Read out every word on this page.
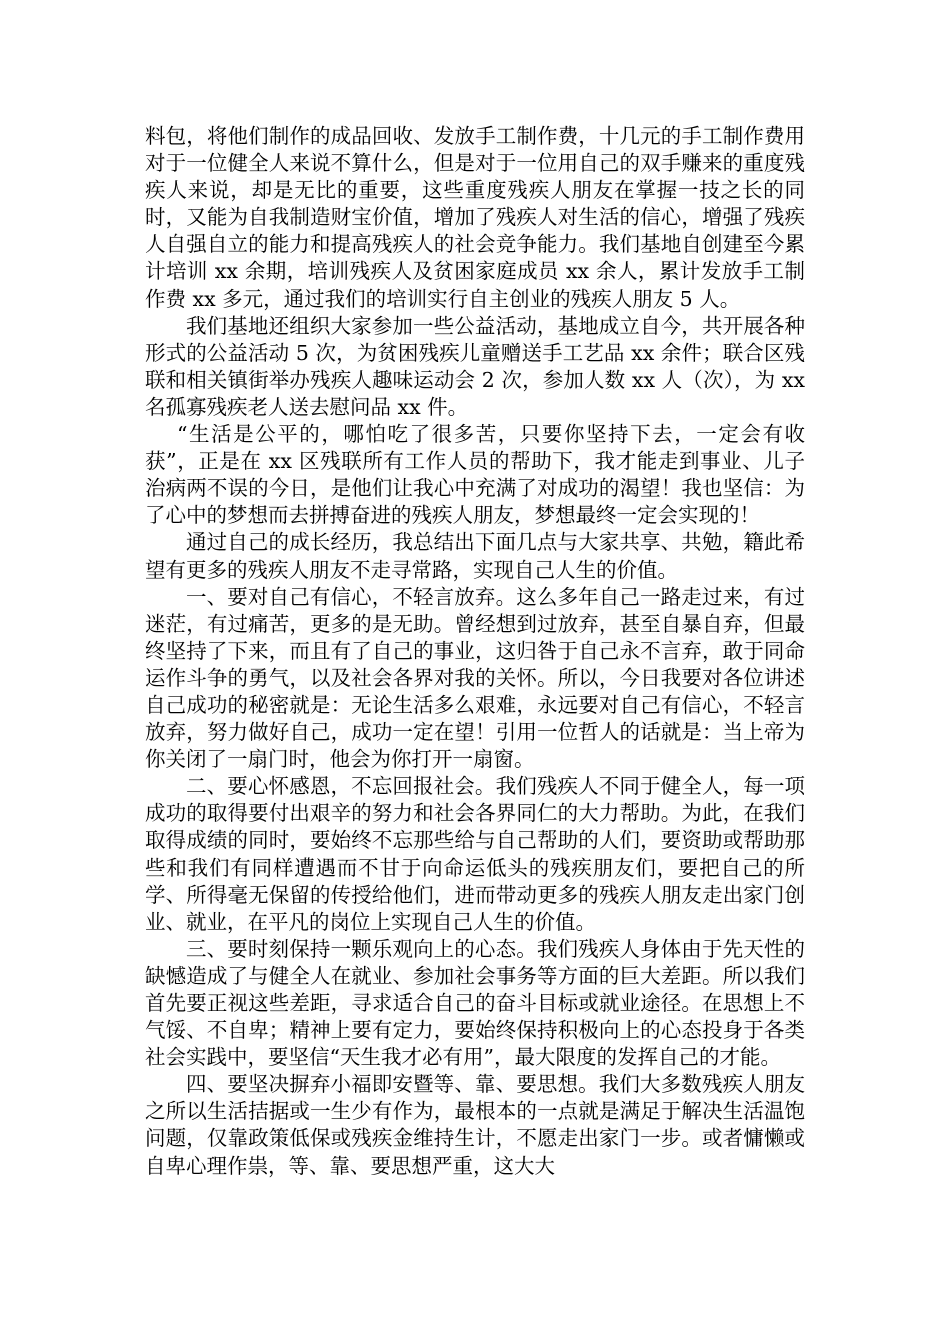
料包，将他们制作的成品回收、发放手工制作费，十几元的手工制作费用对于一位健全人来说不算什么，但是对于一位用自己的双手赚来的重度残疾人来说，却是无比的重要，这些重度残疾人朋友在掌握一技之长的同时，又能为自我制造财宝价值，增加了残疾人对生活的信心，增强了残疾人自强自立的能力和提高残疾人的社会竞争能力。我们基地自创建至今累计培训 xx 余期，培训残疾人及贫困家庭成员 xx 余人，累计发放手工制作费 xx 多元，通过我们的培训实行自主创业的残疾人朋友 5 人。

我们基地还组织大家参加一些公益活动，基地成立自今，共开展各种形式的公益活动 5 次，为贫困残疾儿童赠送手工艺品 xx 余件；联合区残联和相关镇街举办残疾人趣味运动会 2 次，参加人数 xx 人（次），为 xx 名孤寡残疾老人送去慰问品 xx 件。

“生活是公平的，哪怕吃了很多苦，只要你坚持下去，一定会有收获”，正是在 xx 区残联所有工作人员的帮助下，我才能走到事业、儿子治病两不误的今日，是他们让我心中充满了对成功的渴望！我也坚信：为了心中的梦想而去拼搏奋进的残疾人朋友，梦想最终一定会实现的！

通过自己的成长经历，我总结出下面几点与大家共享、共勉，籍此希望有更多的残疾人朋友不走寻常路，实现自己人生的价值。

一、要对自己有信心，不轻言放弃。这么多年自己一路走过来，有过迷茫，有过痛苦，更多的是无助。曾经想到过放弃，甚至自暴自弃，但最终坚持了下来，而且有了自己的事业，这归咎于自己永不言弃，敢于同命运作斗争的勇气，以及社会各界对我的关怀。所以，今日我要对各位讲述自己成功的秘密就是：无论生活多么艰难，永远要对自己有信心，不轻言放弃，努力做好自己，成功一定在望！引用一位哲人的话就是：当上帝为你关闭了一扇门时，他会为你打开一扇窗。

二、要心怀感恩，不忘回报社会。我们残疾人不同于健全人，每一项成功的取得要付出艰辛的努力和社会各界同仁的大力帮助。为此，在我们取得成绩的同时，要始终不忘那些给与自己帮助的人们，要资助或帮助那些和我们有同样遭遇而不甘于向命运低头的残疾朋友们，要把自己的所学、所得毫无保留的传授给他们，进而带动更多的残疾人朋友走出家门创业、就业，在平凡的岗位上实现自己人生的价值。

三、要时刻保持一颗乐观向上的心态。我们残疾人身体由于先天性的缺憾造成了与健全人在就业、参加社会事务等方面的巨大差距。所以我们首先要正视这些差距，寻求适合自己的奋斗目标或就业途径。在思想上不气馁、不自卑；精神上要有定力，要始终保持积极向上的心态投身于各类社会实践中，要坚信“天生我才必有用”，最大限度的发挥自己的才能。

四、要坚决摒弃小福即安暨等、靠、要思想。我们大多数残疾人朋友之所以生活拮据或一生少有作为，最根本的一点就是满足于解决生活温饱问题，仅靠政策低保或残疾金维持生计，不愿走出家门一步。或者慵懒或自卑心理作祟，等、靠、要思想严重，这大大
